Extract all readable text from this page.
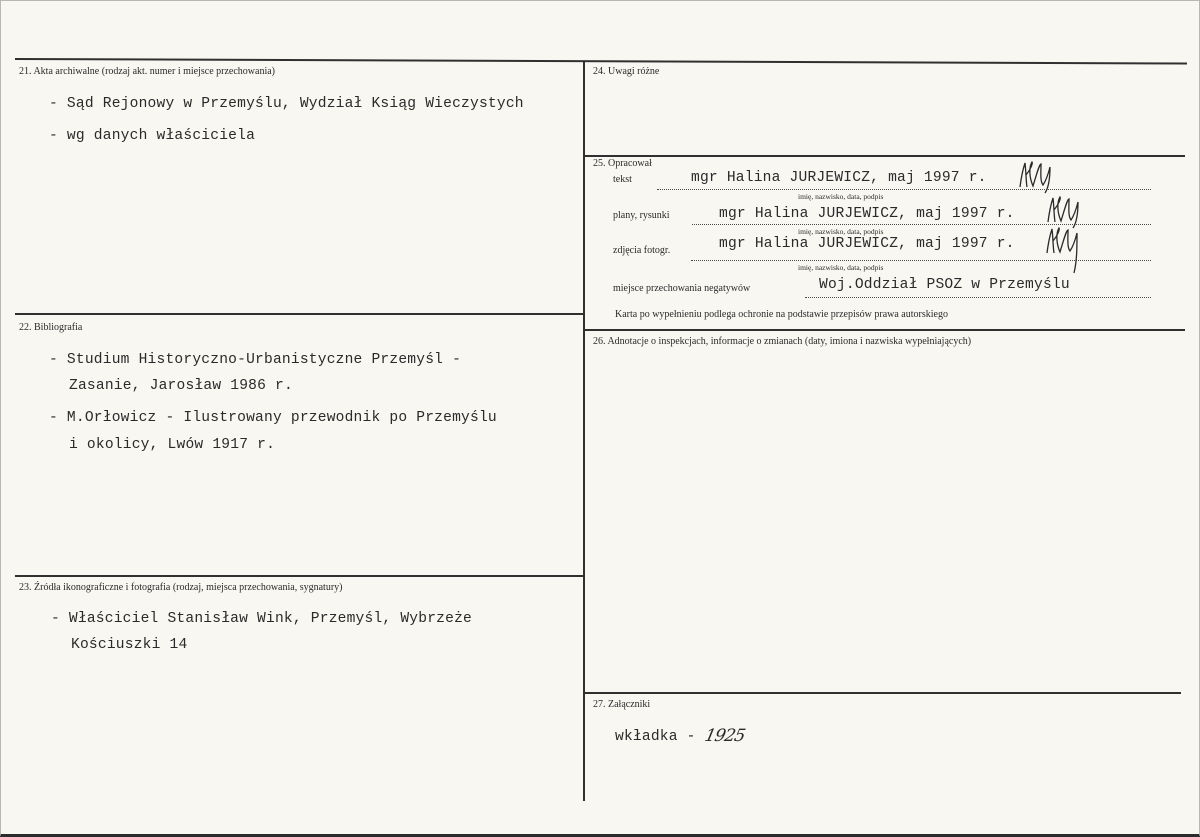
21. Akta archiwalne (rodzaj akt. numer i miejsce przechowania)
- Sąd Rejonowy w Przemyślu, Wydział Ksiąg Wieczystych
- wg danych właściciela
22. Bibliografia
- Studium Historyczno-Urbanistyczne Przemyśl -
Zasanie, Jarosław 1986 r.
- M.Orłowicz - Ilustrowany przewodnik po Przemyślu
i okolicy, Lwów 1917 r.
23. Źródła ikonograficzne i fotografia (rodzaj, miejsca przechowania, sygnatury)
- Właściciel Stanisław Wink, Przemyśl, Wybrzeże
Kościuszki 14
24. Uwagi różne
25. Opracował
tekst	mgr Halina JURJEWICZ, maj 1997 r.
imię, nazwisko, data, podpis
plany, rysunki	mgr Halina JURJEWICZ, maj 1997 r.
imię, nazwisko, data, podpis
zdjęcia fotogr.	mgr Halina JURJEWICZ, maj 1997 r.
imię, nazwisko, data, podpis
miejsce przechowania negatywów	Woj.Oddział PSOZ w Przemyślu
Karta po wypełnieniu podlega ochronie na podstawie przepisów prawa autorskiego
26. Adnotacje o inspekcjach, informacje o zmianach (daty, imiona i nazwiska wypełniających)
27. Załączniki
wkładka - 1925
